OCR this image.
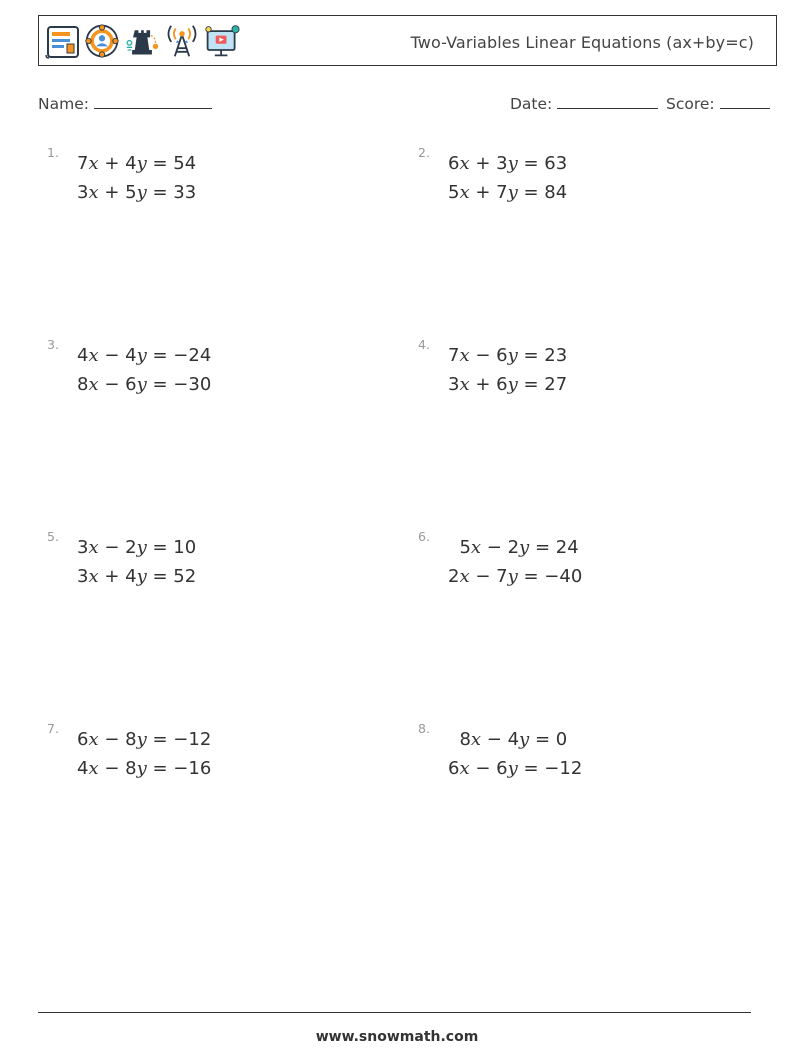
Two-Variables Linear Equations (ax+by=c)
Name:	Date:	Score:
1.
7x + 4y = 54
3x + 5y = 33
2.
6x + 3y = 63
5x + 7y = 84
3.
4x − 4y = −24
8x − 6y = −30
4.
7x − 6y = 23
3x + 6y = 27
5.
3x − 2y = 10
3x + 4y = 52
6.
5x − 2y = 24
2x − 7y = −40
7.
6x − 8y = −12
4x − 8y = −16
8.
8x − 4y = 0
6x − 6y = −12
www.snowmath.com
